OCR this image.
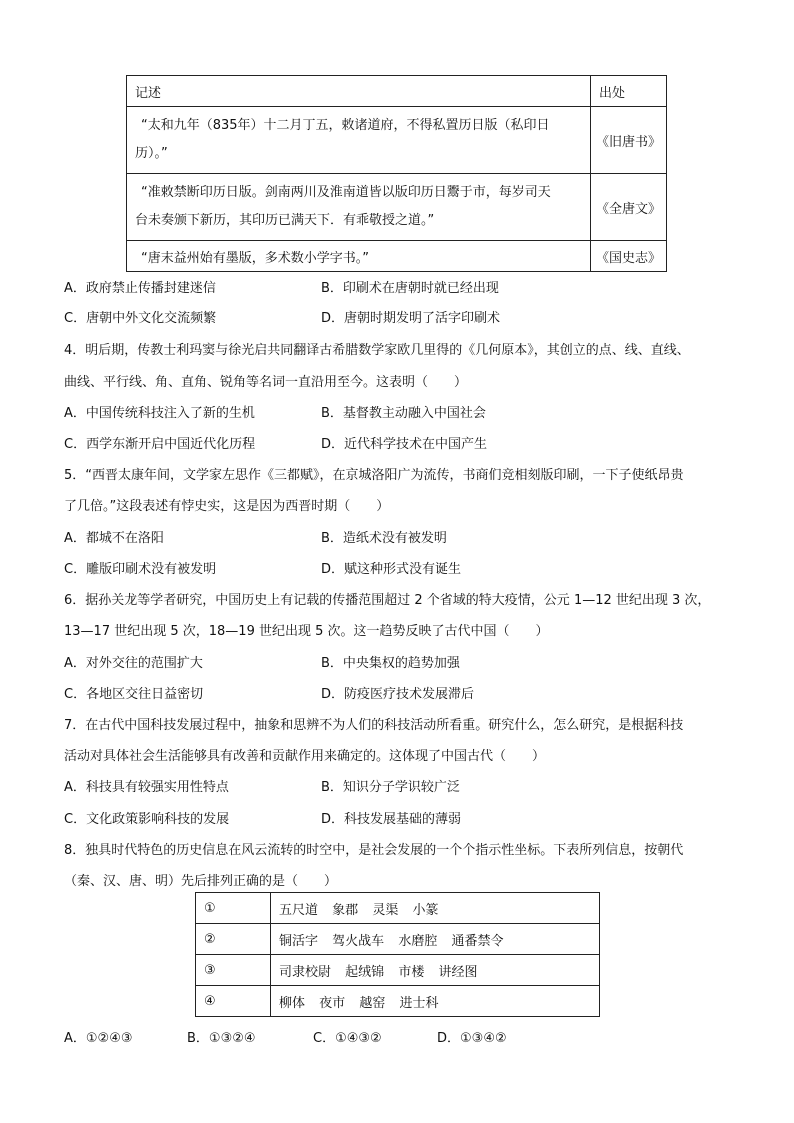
记述	出处

“太和九年（835年）十二月丁五，敕诸道府，不得私置历日版（私印日
历）。”	《旧唐书》

“准敕禁断印历日版。剑南两川及淮南道皆以版印历日鬻于市，每岁司天
台未奏颁下新历，其印历已满天下．有乖敬授之道。”	《全唐文》
“唐末益州始有墨版，多术数小学字书。”	《国史志》
A．政府禁止传播封建迷信	B．印刷术在唐朝时就已经出现
C．唐朝中外文化交流频繁	D．唐朝时期发明了活字印刷术
4．明后期，传教士利玛窦与徐光启共同翻译古希腊数学家欧几里得的《几何原本》，其创立的点、线、直线、
曲线、平行线、角、直角、锐角等名词一直沿用至今。这表明（　　）
A．中国传统科技注入了新的生机	B．基督教主动融入中国社会
C．西学东渐开启中国近代化历程	D．近代科学技术在中国产生
5．“西晋太康年间，文学家左思作《三都赋》，在京城洛阳广为流传，书商们竞相刻版印刷，一下子使纸昂贵
了几倍。”这段表述有悖史实，这是因为西晋时期（　　）
A．都城不在洛阳	B．造纸术没有被发明
C．雕版印刷术没有被发明	D．赋这种形式没有诞生
6．据孙关龙等学者研究，中国历史上有记载的传播范围超过 2 个省域的特大疫情，公元 1—12 世纪出现 3 次，
13—17 世纪出现 5 次，18—19 世纪出现 5 次。这一趋势反映了古代中国（　　）
A．对外交往的范围扩大	B．中央集权的趋势加强
C．各地区交往日益密切	D．防疫医疗技术发展滞后
7．在古代中国科技发展过程中，抽象和思辨不为人们的科技活动所看重。研究什么，怎么研究，是根据科技
活动对具体社会生活能够具有改善和贡献作用来确定的。这体现了中国古代（　　）
A．科技具有较强实用性特点	B．知识分子学识较广泛
C．文化政策影响科技的发展	D．科技发展基础的薄弱
8．独具时代特色的历史信息在风云流转的时空中，是社会发展的一个个指示性坐标。下表所列信息，按朝代
（秦、汉、唐、明）先后排列正确的是（　　）
①	五尺道 象郡 灵渠 小篆
②	铜活字 驾火战车 水磨腔 通番禁令
③	司隶校尉 起绒锦 市楼 讲经图
④	柳体 夜市 越窑 进士科
A．①②④③	B．①③②④	C．①④③②	D．①③④②
